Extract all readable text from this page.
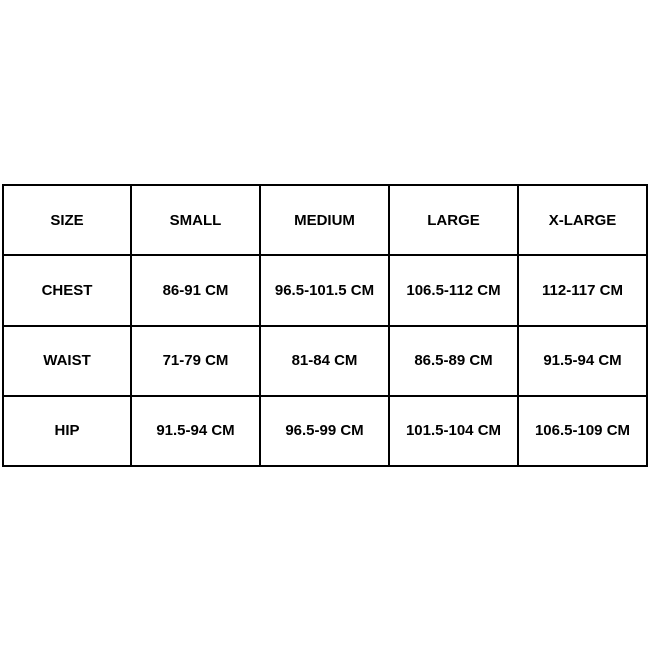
SIZE	SMALL	MEDIUM	LARGE	X-LARGE
CHEST	86-91 CM	96.5-101.5 CM	106.5-112 CM	112-117 CM
WAIST	71-79 CM	81-84 CM	86.5-89 CM	91.5-94 CM
HIP	91.5-94 CM	96.5-99 CM	101.5-104 CM	106.5-109 CM
